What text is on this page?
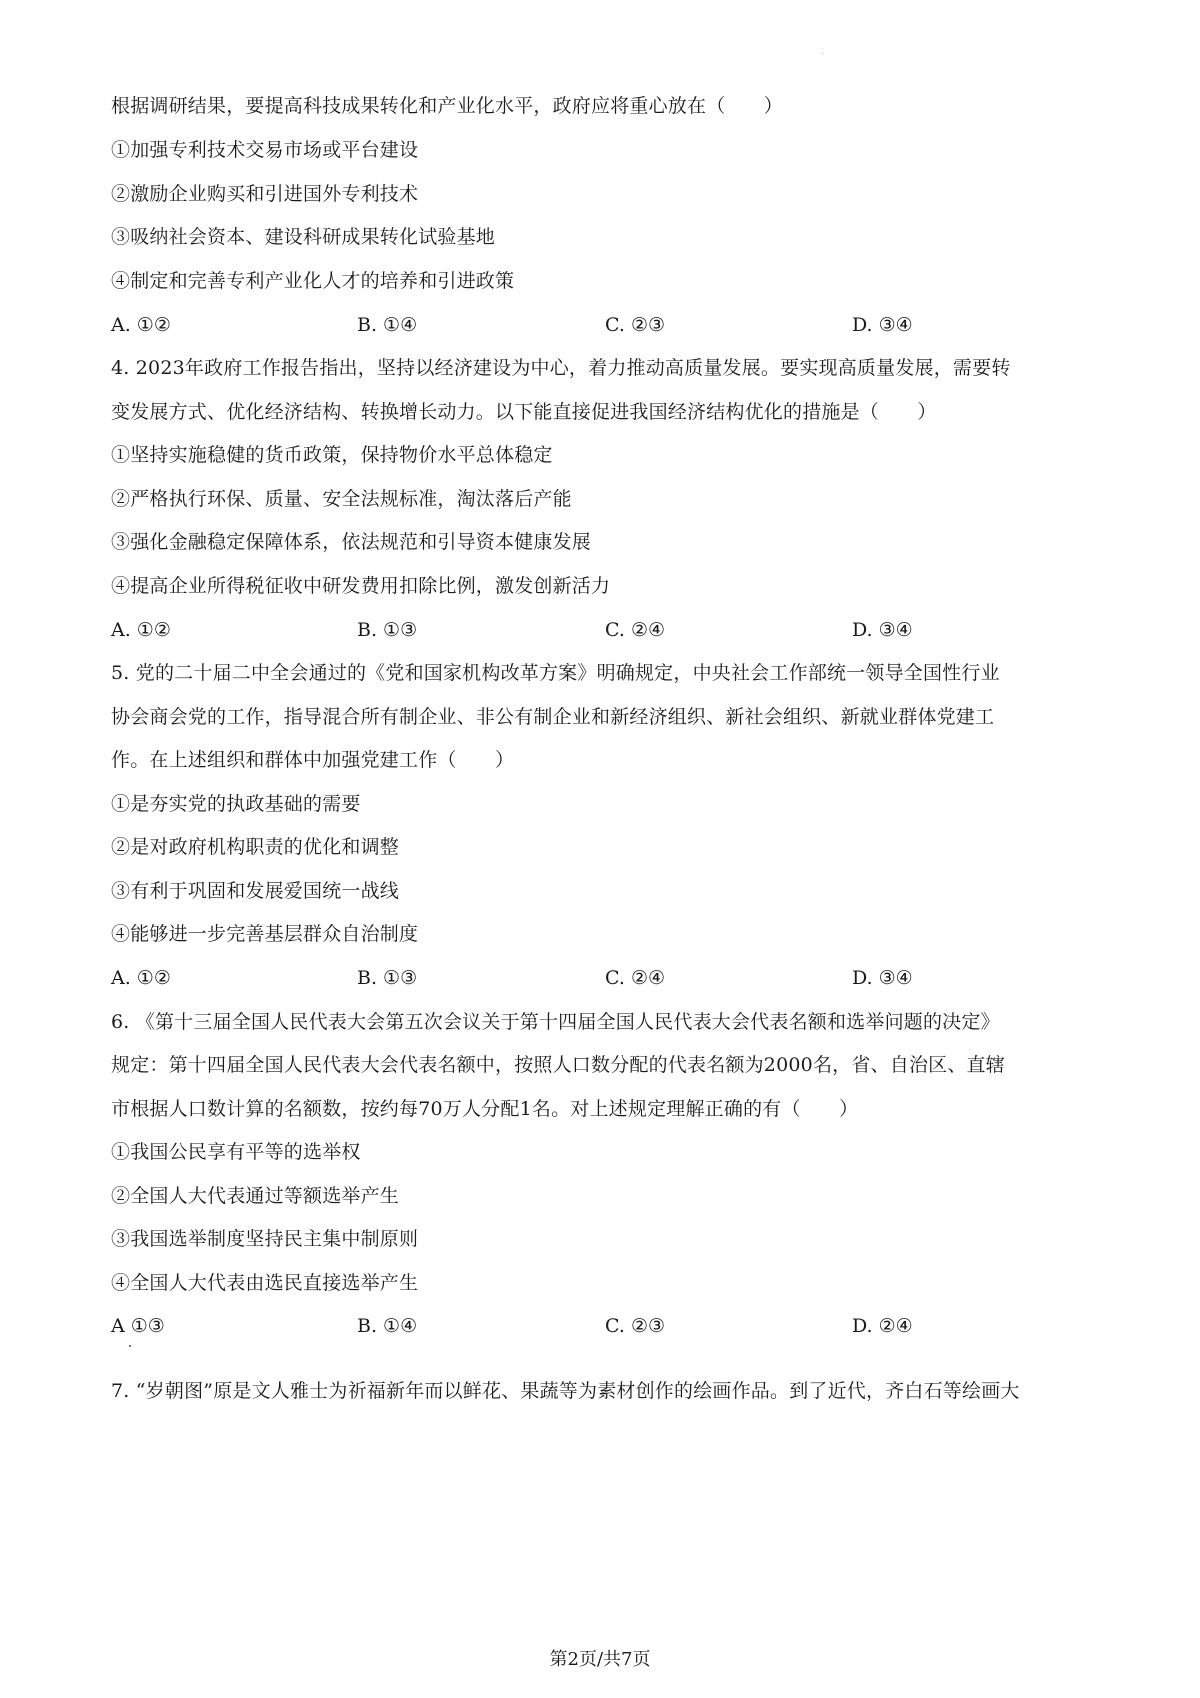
根据调研结果，要提高科技成果转化和产业化水平，政府应将重心放在（　　）
①加强专利技术交易市场或平台建设
②激励企业购买和引进国外专利技术
③吸纳社会资本、建设科研成果转化试验基地
④制定和完善专利产业化人才的培养和引进政策
A. ①②	B. ①④	C. ②③	D. ③④
4. 2023年政府工作报告指出，坚持以经济建设为中心，着力推动高质量发展。要实现高质量发展，需要转
变发展方式、优化经济结构、转换增长动力。以下能直接促进我国经济结构优化的措施是（　　）
①坚持实施稳健的货币政策，保持物价水平总体稳定
②严格执行环保、质量、安全法规标准，淘汰落后产能
③强化金融稳定保障体系，依法规范和引导资本健康发展
④提高企业所得税征收中研发费用扣除比例，激发创新活力
A. ①②	B. ①③	C. ②④	D. ③④
5. 党的二十届二中全会通过的《党和国家机构改革方案》明确规定，中央社会工作部统一领导全国性行业
协会商会党的工作，指导混合所有制企业、非公有制企业和新经济组织、新社会组织、新就业群体党建工
作。在上述组织和群体中加强党建工作（　　）
①是夯实党的执政基础的需要
②是对政府机构职责的优化和调整
③有利于巩固和发展爱国统一战线
④能够进一步完善基层群众自治制度
A. ①②	B. ①③	C. ②④	D. ③④
6. 《第十三届全国人民代表大会第五次会议关于第十四届全国人民代表大会代表名额和选举问题的决定》
规定：第十四届全国人民代表大会代表名额中，按照人口数分配的代表名额为2000名，省、自治区、直辖
市根据人口数计算的名额数，按约每70万人分配1名。对上述规定理解正确的有（　　）
①我国公民享有平等的选举权
②全国人大代表通过等额选举产生
③我国选举制度坚持民主集中制原则
④全国人大代表由选民直接选举产生
A ①③	B. ①④	C. ②③	D. ②④
7. “岁朝图”原是文人雅士为祈福新年而以鲜花、果蔬等为素材创作的绘画作品。到了近代，齐白石等绘画大
第2页/共7页
